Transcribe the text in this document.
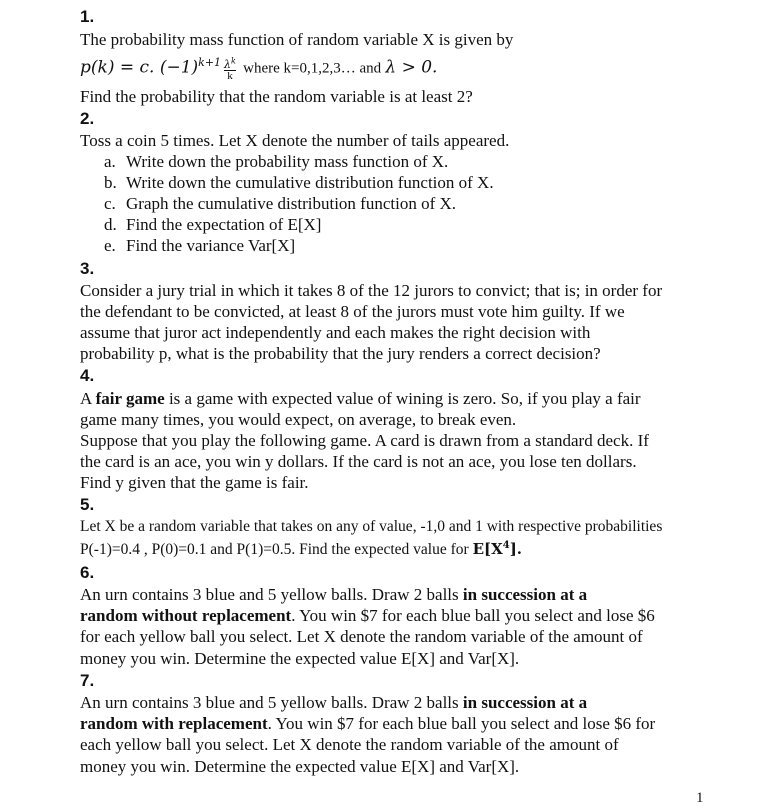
1.
The probability mass function of random variable X is given by
p(k) = c. $(-1)^{k+1} \frac{\lambda^k}{k}$ where k=0,1,2,3… and λ > 0.
Find the probability that the random variable is at least 2?
2.
Toss a coin 5 times. Let X denote the number of tails appeared.
a. Write down the probability mass function of X.
b. Write down the cumulative distribution function of X.
c. Graph the cumulative distribution function of X.
d. Find the expectation of E[X]
e. Find the variance Var[X]
3.
Consider a jury trial in which it takes 8 of the 12 jurors to convict; that is; in order for
the defendant to be convicted, at least 8 of the jurors must vote him guilty. If we
assume that juror act independently and each makes the right decision with
probability p, what is the probability that the jury renders a correct decision?
4.
A fair game is a game with expected value of wining is zero. So, if you play a fair
game many times, you would expect, on average, to break even.
Suppose that you play the following game. A card is drawn from a standard deck. If
the card is an ace, you win y dollars. If the card is not an ace, you lose ten dollars.
Find y given that the game is fair.
5.
Let X be a random variable that takes on any of value, -1,0 and 1 with respective probabilities
P(-1)=0.4 , P(0)=0.1 and P(1)=0.5. Find the expected value for $E[X^4]$.
6.
An urn contains 3 blue and 5 yellow balls. Draw 2 balls in succession at a
random without replacement. You win $7 for each blue ball you select and lose $6
for each yellow ball you select. Let X denote the random variable of the amount of
money you win. Determine the expected value E[X] and Var[X].
7.
An urn contains 3 blue and 5 yellow balls. Draw 2 balls in succession at a
random with replacement. You win $7 for each blue ball you select and lose $6 for
each yellow ball you select. Let X denote the random variable of the amount of
money you win. Determine the expected value E[X] and Var[X].
1
